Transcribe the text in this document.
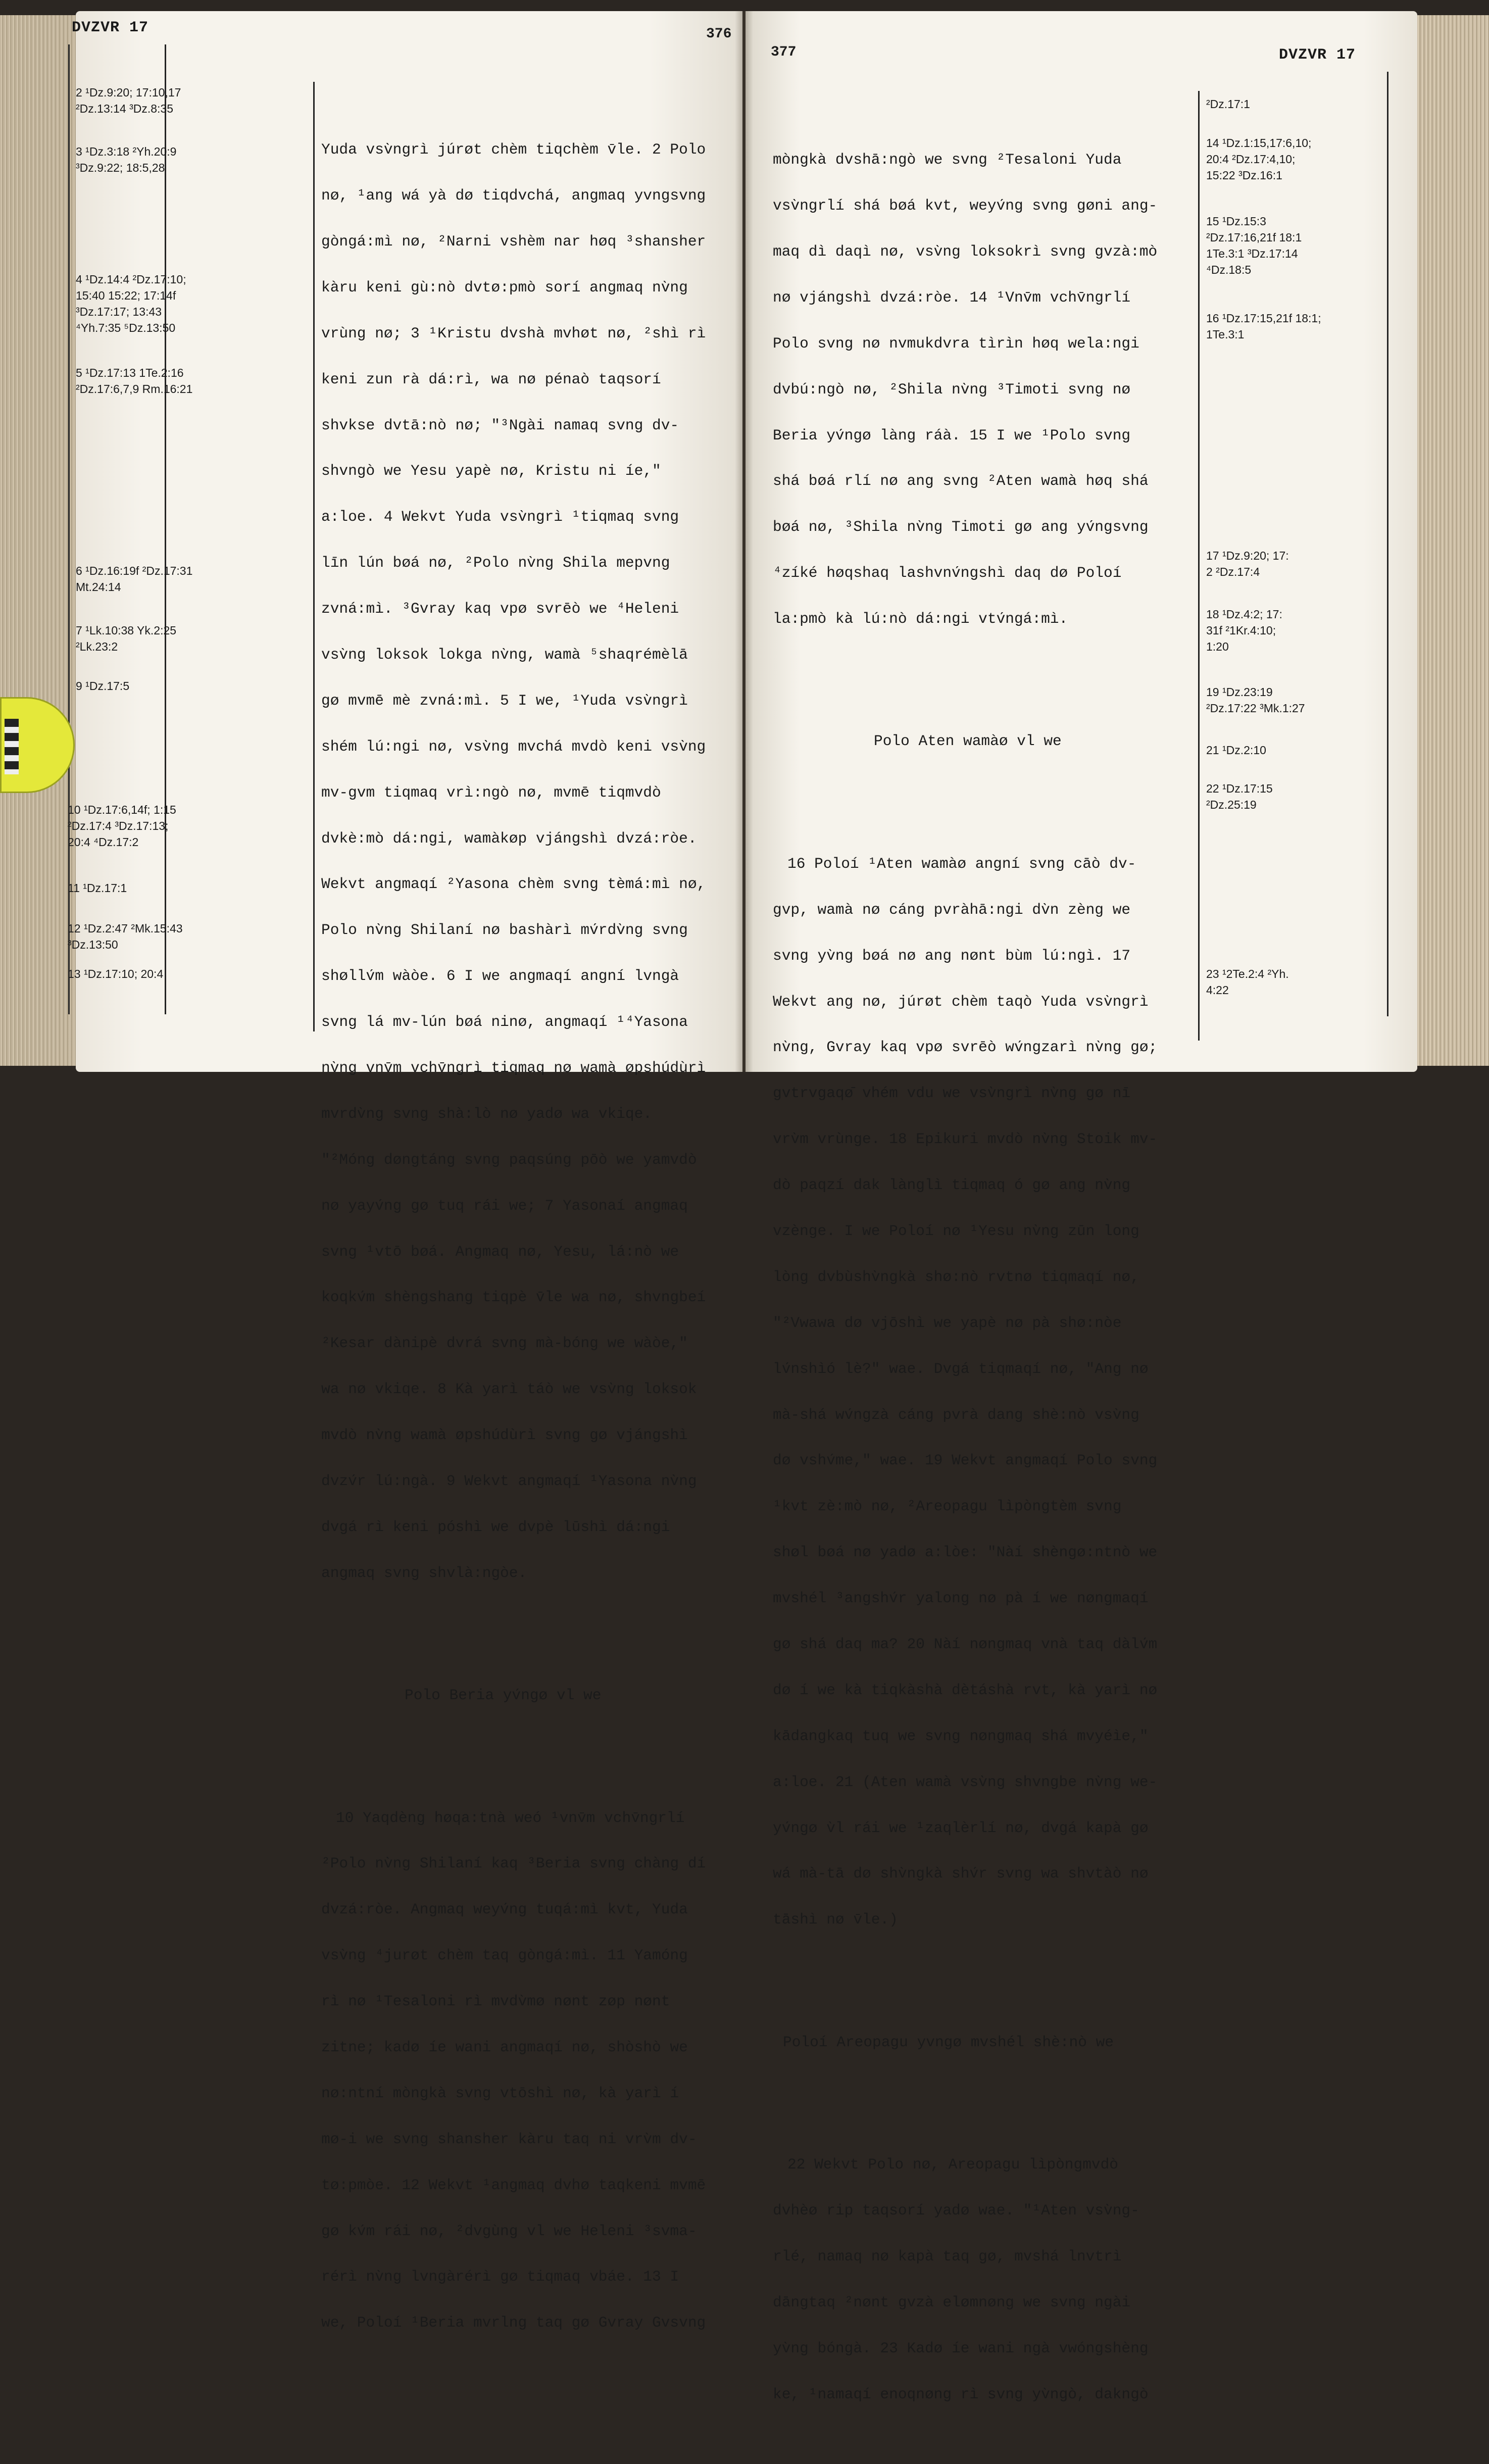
DVZVR 17	376
2 ¹Dz.9:20; 17:10,17
²Dz.13:14 ³Dz.8:35
3 ¹Dz.3:18 ²Yh.20:9
³Dz.9:22; 18:5,28
4 ¹Dz.14:4 ²Dz.17:10;
15:40 15:22; 17:14f
³Dz.17:17; 13:43
⁴Yh.7:35 ⁵Dz.13:50
5 ¹Dz.17:13 1Te.2:16
²Dz.17:6,7,9 Rm.16:21
6 ¹Dz.16:19f ²Dz.17:31
Mt.24:14
7 ¹Lk.10:38 Yk.2:25
²Lk.23:2
9 ¹Dz.17:5
10 ¹Dz.17:6,14f; 1:15
²Dz.17:4 ³Dz.17:13;
20:4 ⁴Dz.17:2
11 ¹Dz.17:1
12 ¹Dz.2:47 ²Mk.15:43
³Dz.13:50
13 ¹Dz.17:10; 20:4

Yuda vsv̀ngrì júrøt chèm tiqchèm v̄le. 2 Polo

nø, ¹ang wá yà dø tiqdvchá, angmaq yvngsvng

gòngá:mì nø, ²Narni vshèm nar høq ³shansher

kàru keni gù:nò dvtø:pmò sorí angmaq nv̀ng

vrùng nø; 3 ¹Kristu dvshà mvhøt nø, ²shì rì

keni zun rà dá:rì, wa nø pénaò taqsorí

shvkse dvtā:nò nø; "³Ngài namaq svng dv-

shvngò we Yesu yapè nø, Kristu ni íe,"

a:loe. 4 Wekvt Yuda vsv̀ngrì ¹tiqmaq svng

līn lún bøá nø, ²Polo nv̀ng Shila mepvng

zvná:mì. ³Gvray kaq vpø svrēò we ⁴Heleni

vsv̀ng loksok lokga nv̀ng, wamà ⁵shaqrémèlā

gø mvmē mè zvná:mì. 5 I we, ¹Yuda vsv̀ngrì

shém lú:ngi nø, vsv̀ng mvchá mvdò keni vsv̀ng

mv-gvm tiqmaq vrì:ngò nø, mvmē tiqmvdò

dvkè:mò dá:ngi, wamàkøp vjángshì dvzá:ròe.

Wekvt angmaqí ²Yasona chèm svng tèmá:mì nø,

Polo nv̀ng Shilaní nø bashàrì mv́rdv̀ng svng

shøllv́m wàòe. 6 I we angmaqí angní lvngà

svng lá mv-lún bøá ninø, angmaqí ¹⁴Yasona

nv̀ng vnv̄m vchv̄ngrì tiqmaq nø wamà øpshúdùrì

mvrdv̀ng svng shà:lò nø yadø wa vkiqe.

"²Móng døngtáng svng paqsúng pōò we yamvdò

nø yayv́ng gø tuq rái we; 7 Yasonaí angmaq

svng ¹vtō bøá. Angmaq nø, Yesu, lá:nò we

koqkv́m shèngshang tiqpè v̄le wa nø, shvngbeí

²Kesar dànipè dvrá svng mà-bóng we wàòe,"

wa nø vkiqe. 8 Kà yarì táò we vsv̀ng loksok

mvdò nv̀ng wamà øpshúdùrì svng gø vjángshì

dvzv́r lú:ngà. 9 Wekvt angmaqí ¹Yasona nv̀ng

dvgá rì keni póshì we dvpè lūshì dá:ngi

angmaq svng shvlà:ngòe.

Polo Beria yv́ngø vl we

10 Yaqdèng høqa:tnà weó ¹vnv̄m vchv̄ngrlí

²Polo nv̀ng Shilaní kaq ³Beria svng chàng dí

dvzá:ròe. Angmaq weyv́ng tuqá:mì kvt, Yuda

vsv̀ng ⁴jurøt chèm taq gòngá:mì. 11 Yamóng

rì nø ¹Tesaloni rì mvdv̀mø nønt zøp nønt

zitne; kadø íe wani angmaqí nø, shòshò we

nø:ntní mòngkà svng vtōshì nø, kà yarì í

mø-i we svng shansher kàru taq ni vrv̀m dv-

tø:pmòe. 12 Wekvt ¹angmaq dvhø taqkeni mvmē

gø kv́m rái nø, ²dvgùng vl we Heleni ³svma-

rérì nv̀ng lvngàrérì gø tiqmaq vbáe. 13 I

we, Poloí ¹Beria mvrlng taq gø Gvray Gvsvng

377	DVZVR 17

mòngkà dvshā:ngò we svng ²Tesaloni Yuda

vsv̀ngrlí shá bøá kvt, weyv́ng svng gøni ang-

maq dì daqì nø, vsv̀ng loksokrì svng gvzà:mò

nø vjángshì dvzá:ròe. 14 ¹Vnv̄m vchv̄ngrlí

Polo svng nø nvmukdvra tìrìn høq wela:ngi

dvbú:ngò nø, ²Shila nv̀ng ³Timoti svng nø

Beria yv́ngø làng ráà. 15 I we ¹Polo svng

shá bøá rlí nø ang svng ²Aten wamà høq shá

bøá nø, ³Shila nv̀ng Timoti gø ang yv́ngsvng

⁴zíké høqshaq lashvnv́ngshì daq dø Poloí

la:pmò kà lú:nò dá:ngi vtv́ngá:mì.

Polo Aten wamàø vl we

16 Poloí ¹Aten wamàø angní svng cāò dv-

gvp, wamà nø cáng pvràhā:ngi dv̀n zèng we

svng yv̀ng bøá nø ang nønt bùm lú:ngì. 17

Wekvt ang nø, júrøt chèm taqò Yuda vsv̀ngrì

nv̀ng, Gvray kaq vpø svrēò wv́ngzarì nv̀ng gø;

gvtrvgaqø̄ vhém vdu we vsv̀ngrì nv̀ng gø nī

vrv̀m vrùnge. 18 Epikuri mvdò nv̀ng Stoik mv-

dò paqzí dak lànglì tiqmaq ó gø ang nv̀ng

vzènge. I we Poloí nø ¹Yesu nv̀ng zūn long

lòng dvbùshv̀ngkà shø:nò rvtnø tiqmaqí nø,

"²Vwawa dø vjōshì we yapè nø pà shø:nòe

lv́nshìó lè?" wae. Dvgá tiqmaqí nø, "Ang nø

mà-shá wv́ngzà cáng pvrà dang shè:nò vsv̀ng

dø vshv́me," wae. 19 Wekvt angmaqí Polo svng

¹kvt zè:mò nø, ²Areopagu lìpòngtèm svng

shøl bøá nø yadø a:lòe: "Nàí shèngø:ntnò we

mvshél ³angshv́r yalong nø pà í we nøngmaqí

gø shá daq ma? 20 Nàí nøngmaq vnà taq dàlv́m

dø í we kà tiqkàshà dètáshà rvt, kà yarì nø

kādangkaq tuq we svng nøngmaq shá mvyéìe,"

a:loe. 21 (Aten wamà vsv̀ng shvngbe nv̀ng we-

yv́ngø v̀l rái we ¹zaqlèrlí nø, dvgá kapà gø

wá mà-tā dø shv̀ngkà shv́r svng wa shvtàò nø

tāshì nø v̄le.)

Poloí Areopagu yvngø mvshél shè:nò we

22 Wekvt Polo nø, Areopagu lìpòngmvdò

dvhèø rip taqsorí yadø wae. "¹Aten vsv̀ng-

rlé, namaq nø kapà taq gø, mvshá lnvtrì

dāngtaq ²nønt gvzà elømnøng we svng ngài

yv̀ng bóngà. 23 Kadø íe wani ngà vwóngshèng

ke, ¹namaqí enoqnøng rì svng yv̀ngò, dakngò

²Dz.17:1
14 ¹Dz.1:15,17:6,10;
20:4 ²Dz.17:4,10;
15:22 ³Dz.16:1
15 ¹Dz.15:3
²Dz.17:16,21f 18:1
1Te.3:1 ³Dz.17:14
⁴Dz.18:5
16 ¹Dz.17:15,21f 18:1;
1Te.3:1
17 ¹Dz.9:20; 17:
2 ²Dz.17:4
18 ¹Dz.4:2; 17:
31f ²1Kr.4:10;
1:20
19 ¹Dz.23:19
²Dz.17:22 ³Mk.1:27
21 ¹Dz.2:10
22 ¹Dz.17:15
²Dz.25:19
23 ¹2Te.2:4 ²Yh.
4:22
